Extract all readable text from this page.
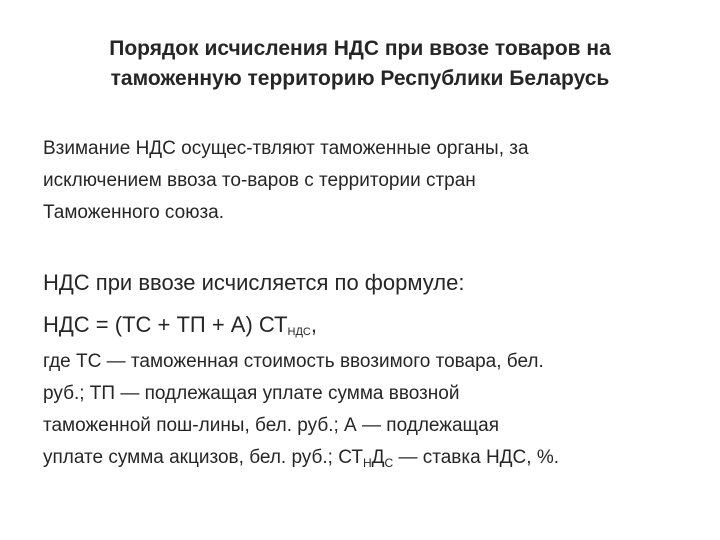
Порядок исчисления НДС при ввозе товаров на
таможенную территорию Республики Беларусь
Взимание НДС осущес-твляют таможенные органы, за
исключением ввоза то-варов с территории стран
Таможенного союза.
НДС при ввозе исчисляется по формуле:
НДС = (ТС + ТП + А) $СТ_{НДС}$,
где ТС — таможенная стоимость ввозимого товара, бел.
руб.; ТП — подлежащая уплате сумма ввозной
таможенной пош-лины, бел. руб.; А — подлежащая
уплате сумма акцизов, бел. руб.; $СТ_НД_С$ — ставка НДС, %.
